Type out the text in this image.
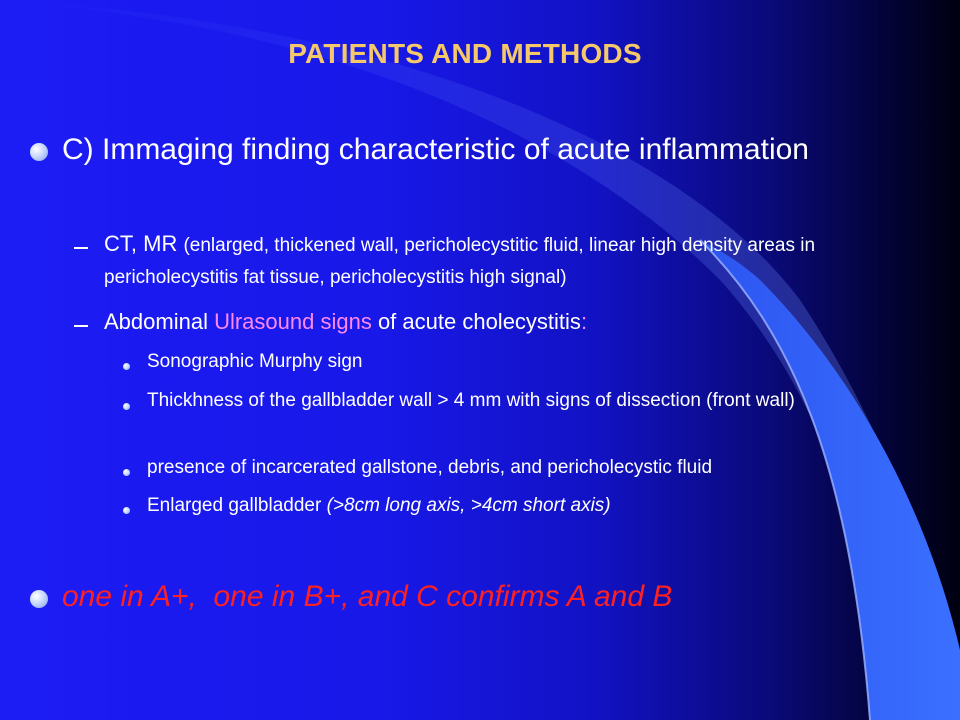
PATIENTS AND METHODS
C) Immaging finding characteristic of acute inflammation
CT, MR (enlarged, thickened wall, pericholecystitic fluid, linear high density areas in pericholecystitis fat tissue, pericholecystitis high signal)
Abdominal Ulrasound signs of acute cholecystitis:
Sonographic Murphy sign
Thickhness of the gallbladder wall > 4 mm with signs of dissection (front wall)
presence of incarcerated gallstone, debris, and pericholecystic fluid
Enlarged gallbladder (>8cm long axis, >4cm short axis)
one in A+,  one in B+, and C confirms A and B
